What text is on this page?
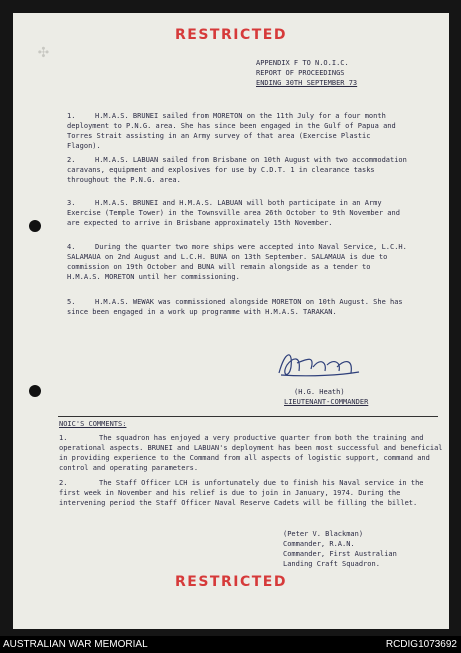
✣
RESTRICTED
APPENDIX F TO N.O.I.C.
REPORT OF PROCEEDINGS
ENDING 30TH SEPTEMBER 73
1.	H.M.A.S. BRUNEI sailed from MORETON on the 11th July for a four month deployment to P.N.G. area. She has since been engaged in the Gulf of Papua and Torres Strait assisting in an Army survey of that area (Exercise Plastic Flagon).
2.	H.M.A.S. LABUAN sailed from Brisbane on 10th August with two accommodation caravans, equipment and explosives for use by C.D.T. 1 in clearance tasks throughout the P.N.G. area.
3.	H.M.A.S. BRUNEI and H.M.A.S. LABUAN will both participate in an Army Exercise (Temple Tower) in the Townsville area 26th October to 9th November and are expected to arrive in Brisbane approximately 15th November.
4.	During the quarter two more ships were accepted into Naval Service, L.C.H. SALAMAUA on 2nd August and L.C.H. BUNA on 13th September. SALAMAUA is due to commission on 19th October and BUNA will remain alongside as a tender to H.M.A.S. MORETON until her commissioning.
5.	H.M.A.S. WEWAK was commissioned alongside MORETON on 10th August. She has since been engaged in a work up programme with H.M.A.S. TARAKAN.
(H.G. Heath)
LIEUTENANT-COMMANDER
NOIC'S COMMENTS:
1.	The squadron has enjoyed a very productive quarter from both the training and operational aspects. BRUNEI and LABUAN's deployment has been most successful and beneficial in providing experience to the Command from all aspects of logistic support, command and control and operating parameters.
2.	The Staff Officer LCH is unfortunately due to finish his Naval service in the first week in November and his relief is due to join in January, 1974. During the intervening period the Staff Officer Naval Reserve Cadets will be filling the billet.
(Peter V. Blackman)
Commander, R.A.N.
Commander, First Australian
Landing Craft Squadron.
RESTRICTED
AUSTRALIAN WAR MEMORIAL	RCDIG1073692
